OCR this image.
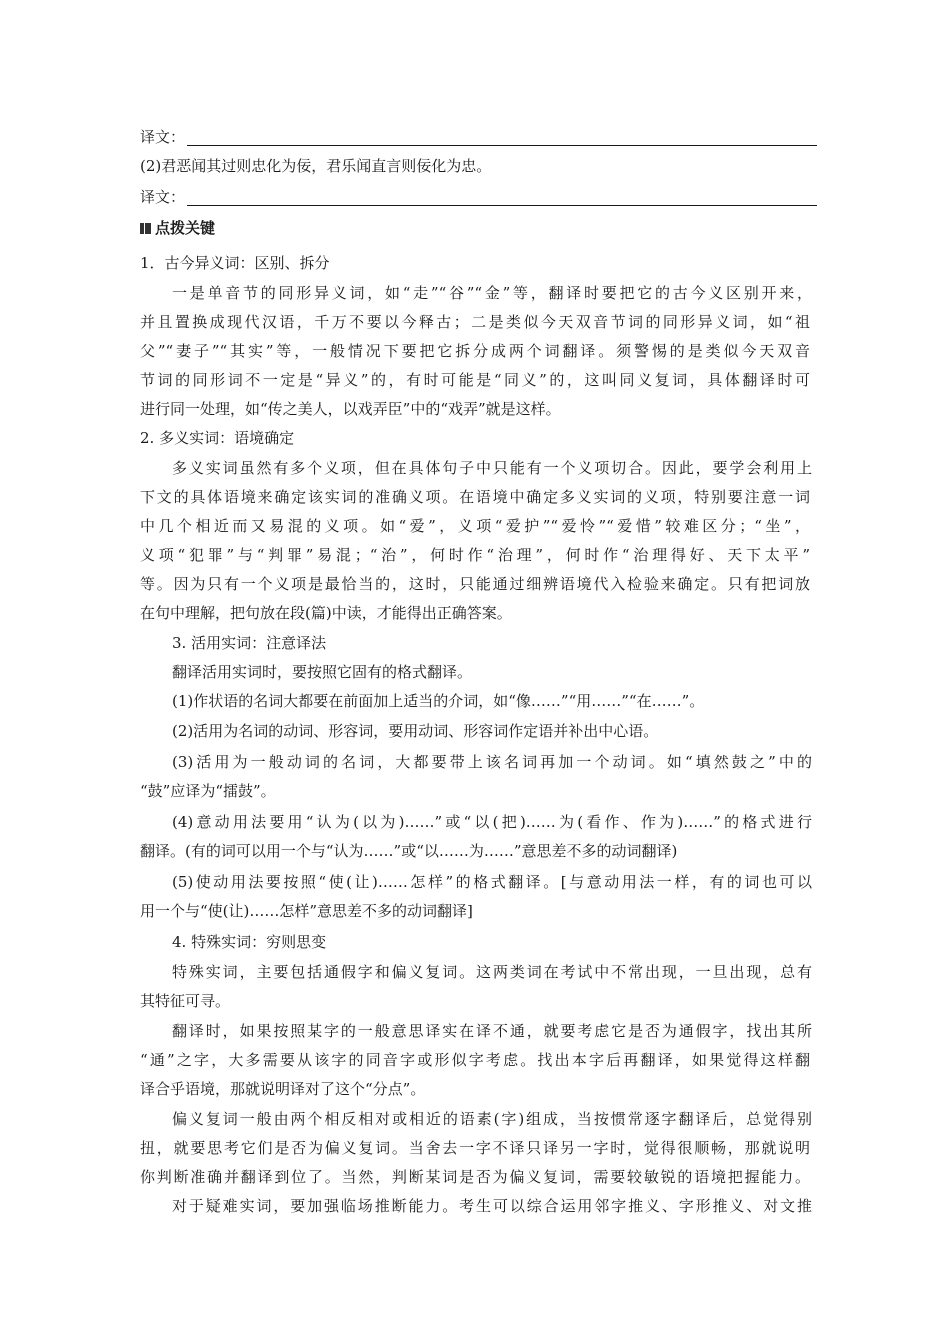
译文：
(2)君恶闻其过则忠化为佞，君乐闻直言则佞化为忠。
译文：
点拨关键
1．古今异义词：区别、拆分
一是单音节的同形异义词，如“走”“谷”“金”等，翻译时要把它的古今义区别开来，
并且置换成现代汉语，千万不要以今释古；二是类似今天双音节词的同形异义词，如“祖
父”“妻子”“其实”等，一般情况下要把它拆分成两个词翻译。须警惕的是类似今天双音
节词的同形词不一定是“异义”的，有时可能是“同义”的，这叫同义复词，具体翻译时可
进行同一处理，如“传之美人，以戏弄臣”中的“戏弄”就是这样。
2. 多义实词：语境确定
多义实词虽然有多个义项，但在具体句子中只能有一个义项切合。因此，要学会利用上
下文的具体语境来确定该实词的准确义项。在语境中确定多义实词的义项，特别要注意一词
中几个相近而又易混的义项。如“爱”，义项“爱护”“爱怜”“爱惜”较难区分；“坐”，
义项“犯罪”与“判罪”易混；“治”，何时作“治理”，何时作“治理得好、天下太平”
等。因为只有一个义项是最恰当的，这时，只能通过细辨语境代入检验来确定。只有把词放
在句中理解，把句放在段(篇)中读，才能得出正确答案。
3. 活用实词：注意译法
翻译活用实词时，要按照它固有的格式翻译。
(1)作状语的名词大都要在前面加上适当的介词，如“像……”“用……”“在……”。
(2)活用为名词的动词、形容词，要用动词、形容词作定语并补出中心语。
(3)活用为一般动词的名词，大都要带上该名词再加一个动词。如“填然鼓之”中的
“鼓”应译为“擂鼓”。
(4)意动用法要用“认为(以为)……”或“以(把)……为(看作、作为)……”的格式进行
翻译。(有的词可以用一个与“认为……”或“以……为……”意思差不多的动词翻译)
(5)使动用法要按照“使(让)……怎样”的格式翻译。[与意动用法一样，有的词也可以
用一个与“使(让)……怎样”意思差不多的动词翻译]
4. 特殊实词：穷则思变
特殊实词，主要包括通假字和偏义复词。这两类词在考试中不常出现，一旦出现，总有
其特征可寻。
翻译时，如果按照某字的一般意思译实在译不通，就要考虑它是否为通假字，找出其所
“通”之字，大多需要从该字的同音字或形似字考虑。找出本字后再翻译，如果觉得这样翻
译合乎语境，那就说明译对了这个“分点”。
偏义复词一般由两个相反相对或相近的语素(字)组成，当按惯常逐字翻译后，总觉得别
扭，就要思考它们是否为偏义复词。当舍去一字不译只译另一字时，觉得很顺畅，那就说明
你判断准确并翻译到位了。当然，判断某词是否为偏义复词，需要较敏锐的语境把握能力。
对于疑难实词，要加强临场推断能力。考生可以综合运用邻字推义、字形推义、对文推
